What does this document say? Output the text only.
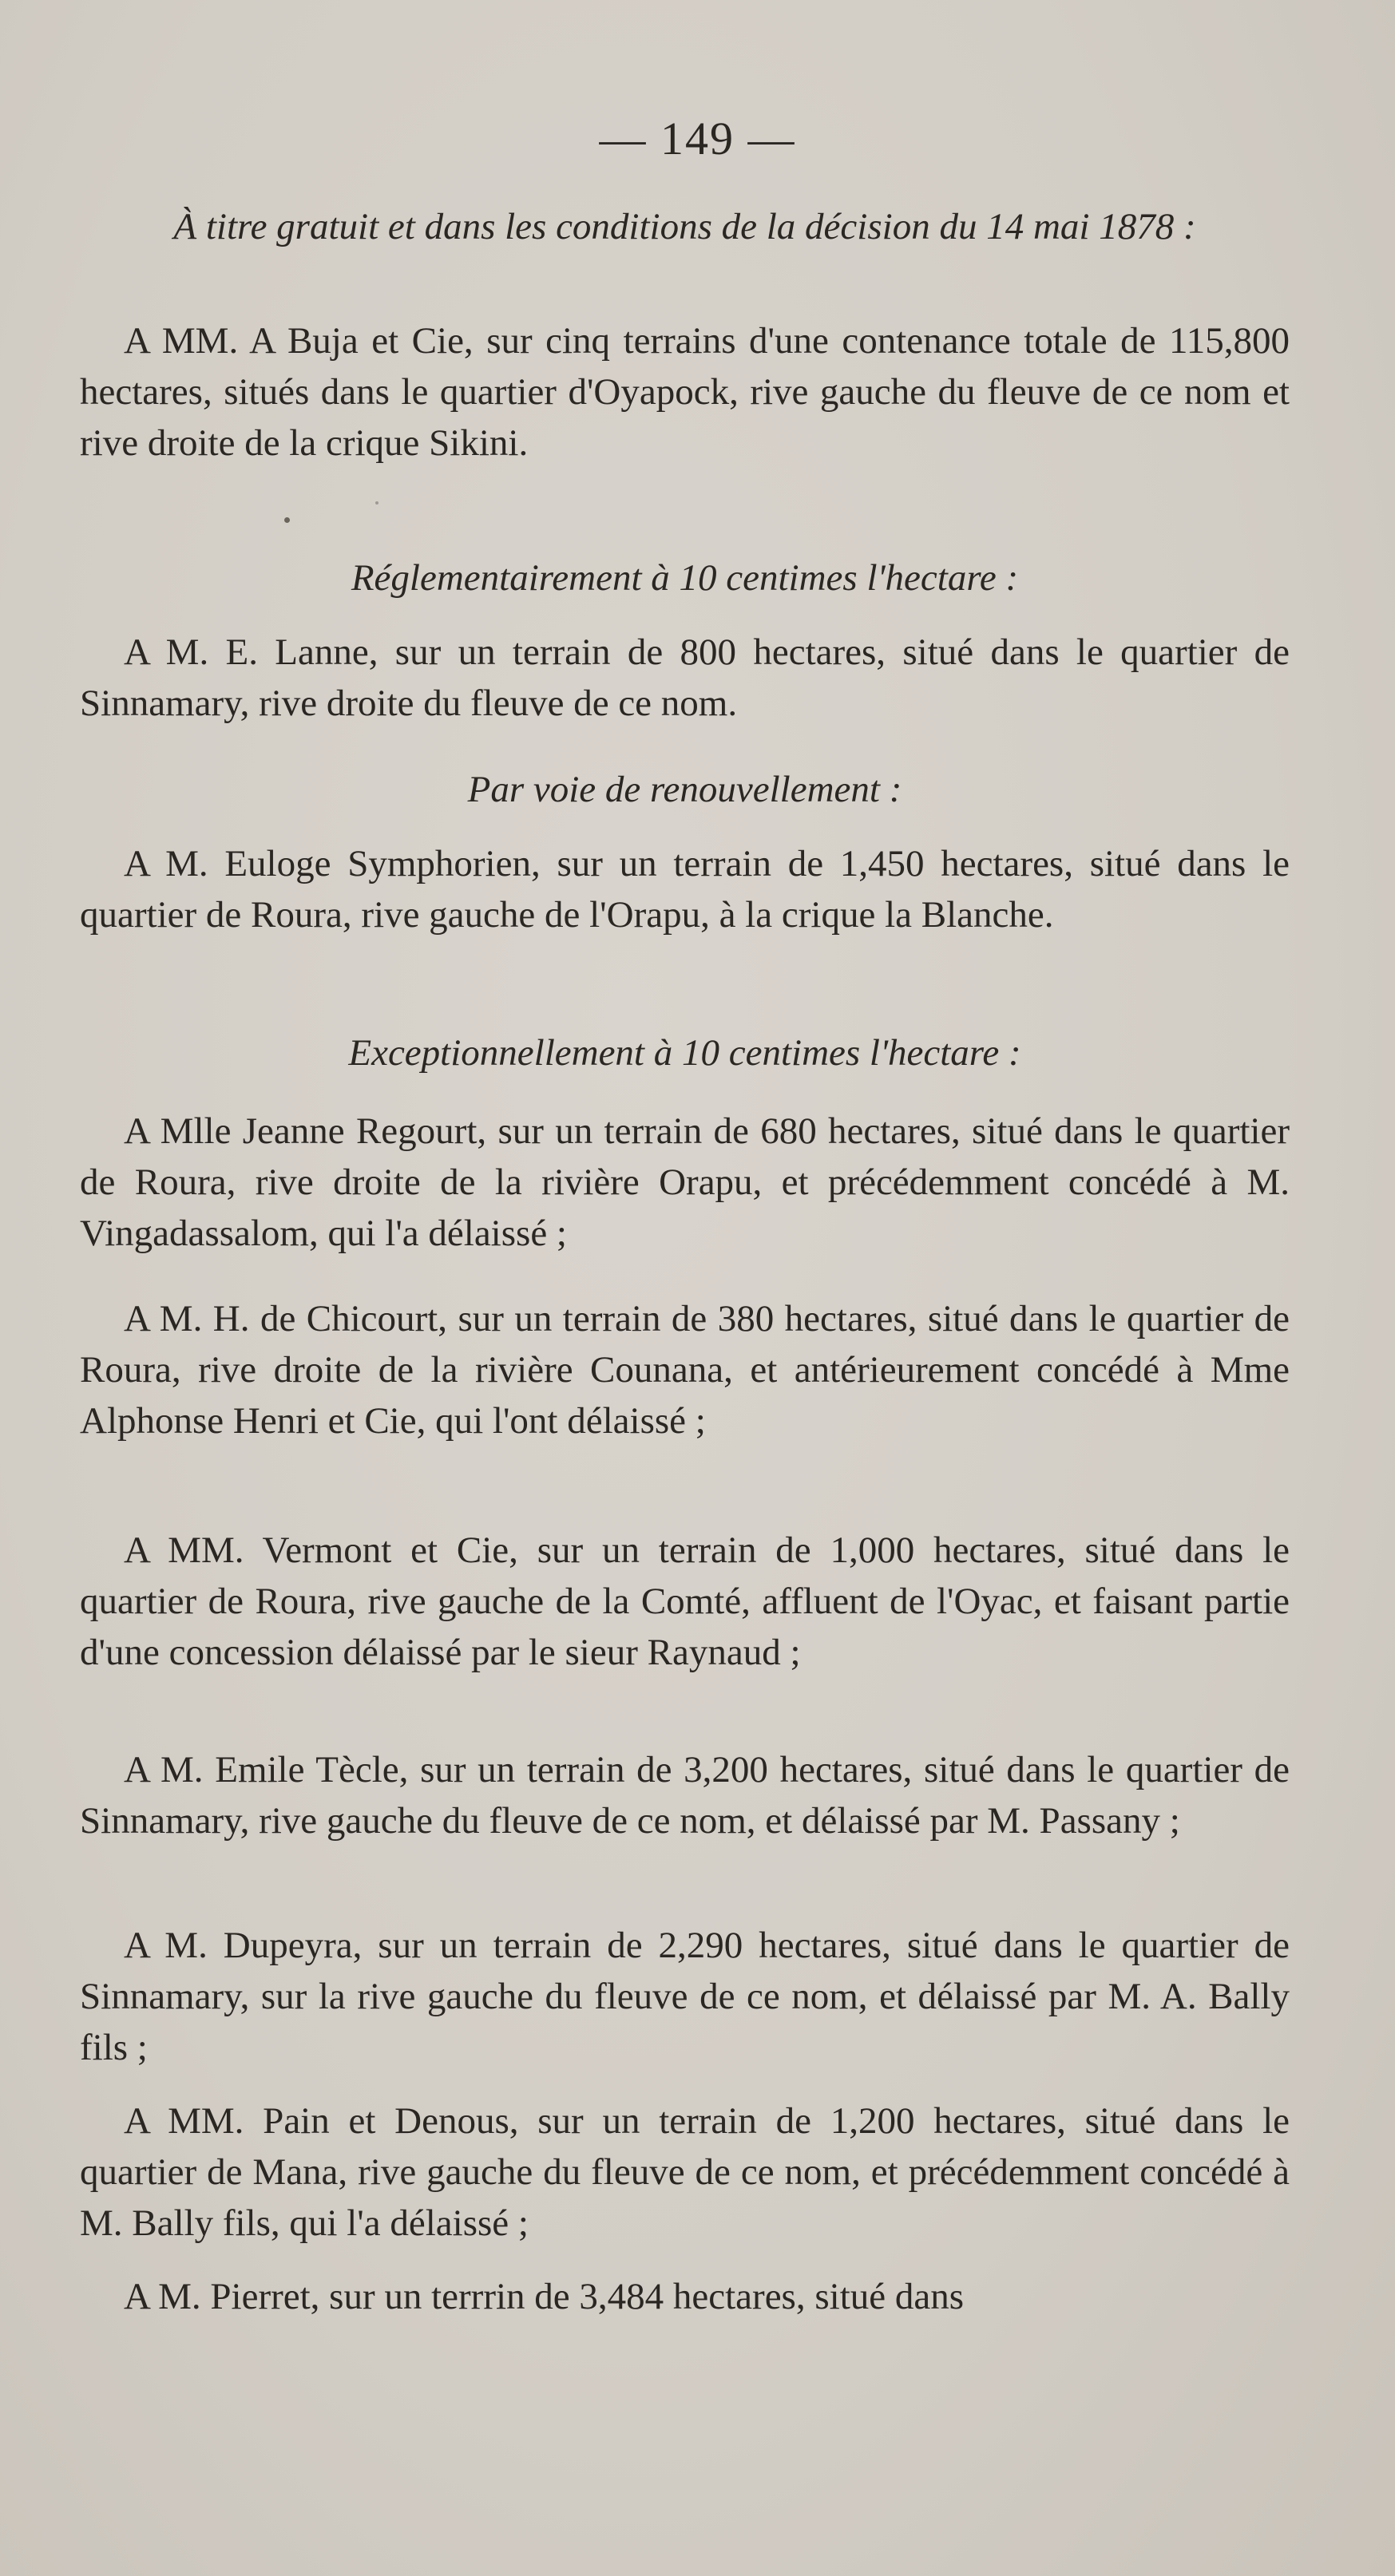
— 149 —
À titre gratuit et dans les conditions de la décision du 14 mai 1878 :
A MM. A Buja et Cie, sur cinq terrains d'une contenance totale de 115,800 hectares, situés dans le quartier d'Oyapock, rive gauche du fleuve de ce nom et rive droite de la crique Sikini.
Réglementairement à 10 centimes l'hectare :
A M. E. Lanne, sur un terrain de 800 hectares, situé dans le quartier de Sinnamary, rive droite du fleuve de ce nom.
Par voie de renouvellement :
A M. Euloge Symphorien, sur un terrain de 1,450 hectares, situé dans le quartier de Roura, rive gauche de l'Orapu, à la crique la Blanche.
Exceptionnellement à 10 centimes l'hectare :
A Mlle Jeanne Regourt, sur un terrain de 680 hectares, situé dans le quartier de Roura, rive droite de la rivière Orapu, et précédemment concédé à M. Vingadassalom, qui l'a délaissé ;
A M. H. de Chicourt, sur un terrain de 380 hectares, situé dans le quartier de Roura, rive droite de la rivière Counana, et antérieurement concédé à Mme Alphonse Henri et Cie, qui l'ont délaissé ;
A MM. Vermont et Cie, sur un terrain de 1,000 hectares, situé dans le quartier de Roura, rive gauche de la Comté, affluent de l'Oyac, et faisant partie d'une concession délaissé par le sieur Raynaud ;
A M. Emile Tècle, sur un terrain de 3,200 hectares, situé dans le quartier de Sinnamary, rive gauche du fleuve de ce nom, et délaissé par M. Passany ;
A M. Dupeyra, sur un terrain de 2,290 hectares, situé dans le quartier de Sinnamary, sur la rive gauche du fleuve de ce nom, et délaissé par M. A. Bally fils ;
A MM. Pain et Denous, sur un terrain de 1,200 hectares, situé dans le quartier de Mana, rive gauche du fleuve de ce nom, et précédemment concédé à M. Bally fils, qui l'a délaissé ;
A M. Pierret, sur un terrrin de 3,484 hectares, situé dans
